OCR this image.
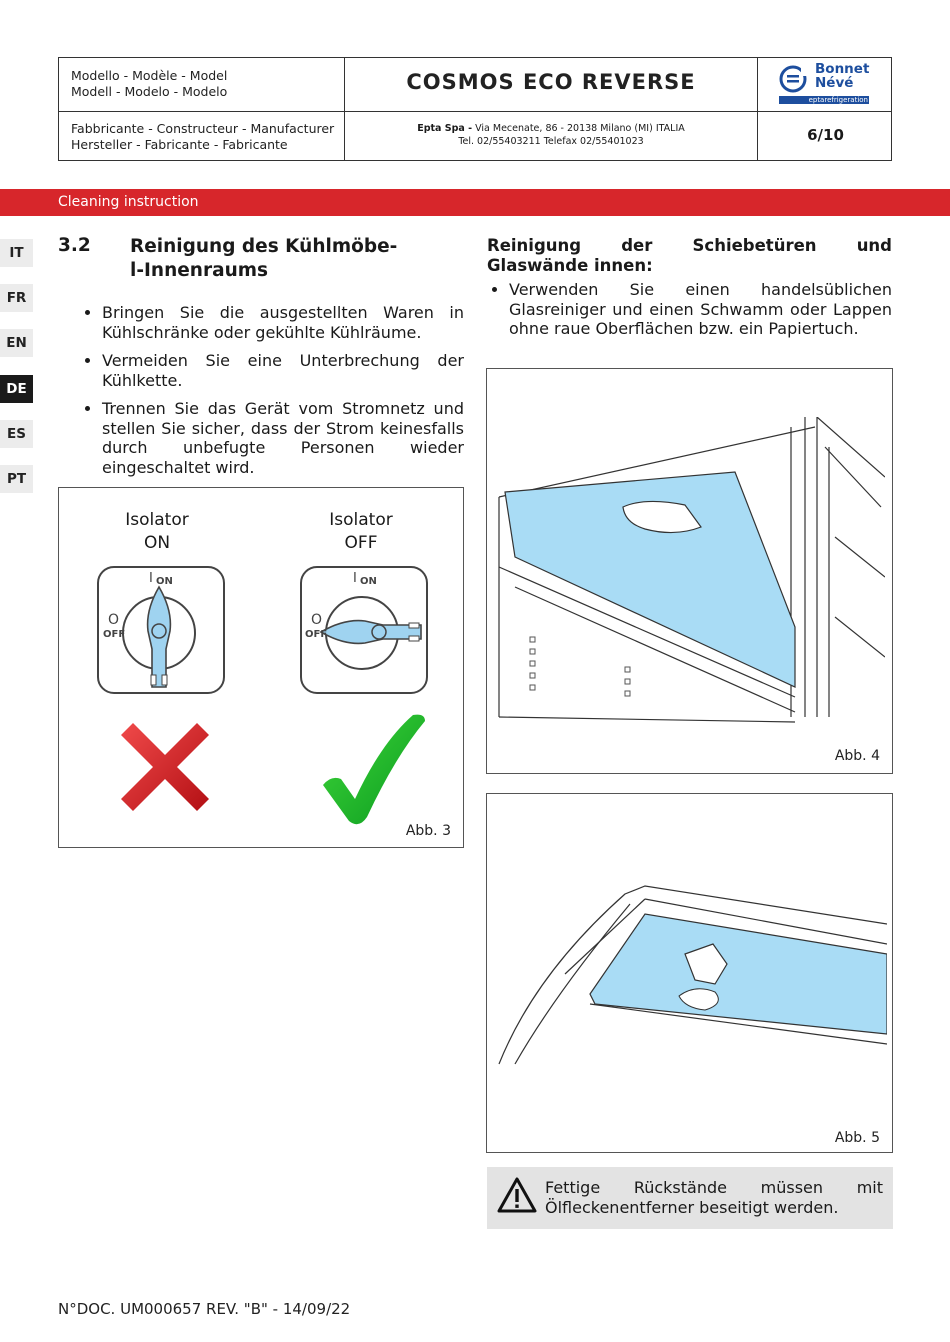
Modello - Modèle - Model
Modell - Modelo - Modelo	COSMOS ECO REVERSE
Bonnet
Névé
eptarefrigeration
Fabbricante - Constructeur - Manufacturer
Hersteller - Fabricante - Fabricante
Epta Spa - Via Mecenate, 86 - 20138 Milano (MI) ITALIA
Tel. 02/55403211 Telefax 02/55401023	6/10
Cleaning instruction
IT
FR
EN
DE
ES
PT
3.2 Reinigung des Kühlmöbe-
l-Innenraums
• Bringen Sie die ausgestellten Waren in Kühlschränke oder gekühlte Kühlräume.
• Vermeiden Sie eine Unterbrechung der Kühlkette.
• Trennen Sie das Gerät vom Stromnetz und stellen Sie sicher, dass der Strom keinesfalls durch unbefugte Personen wieder eingeschaltet wird.
Isolator
ON
Isolator
OFF
I ON
O
OFF
I ON
O
OFF
Abb. 3
Reinigung der Schiebetüren und
Glaswände innen:
• Verwenden Sie einen handelsüblichen Glasreiniger und einen Schwamm oder Lappen ohne raue Oberflächen bzw. ein Papiertuch.
Abb. 4
Abb. 5
Fettige Rückstände müssen mit Ölfleckenentferner beseitigt werden.
N°DOC. UM000657 REV. "B" - 14/09/22
